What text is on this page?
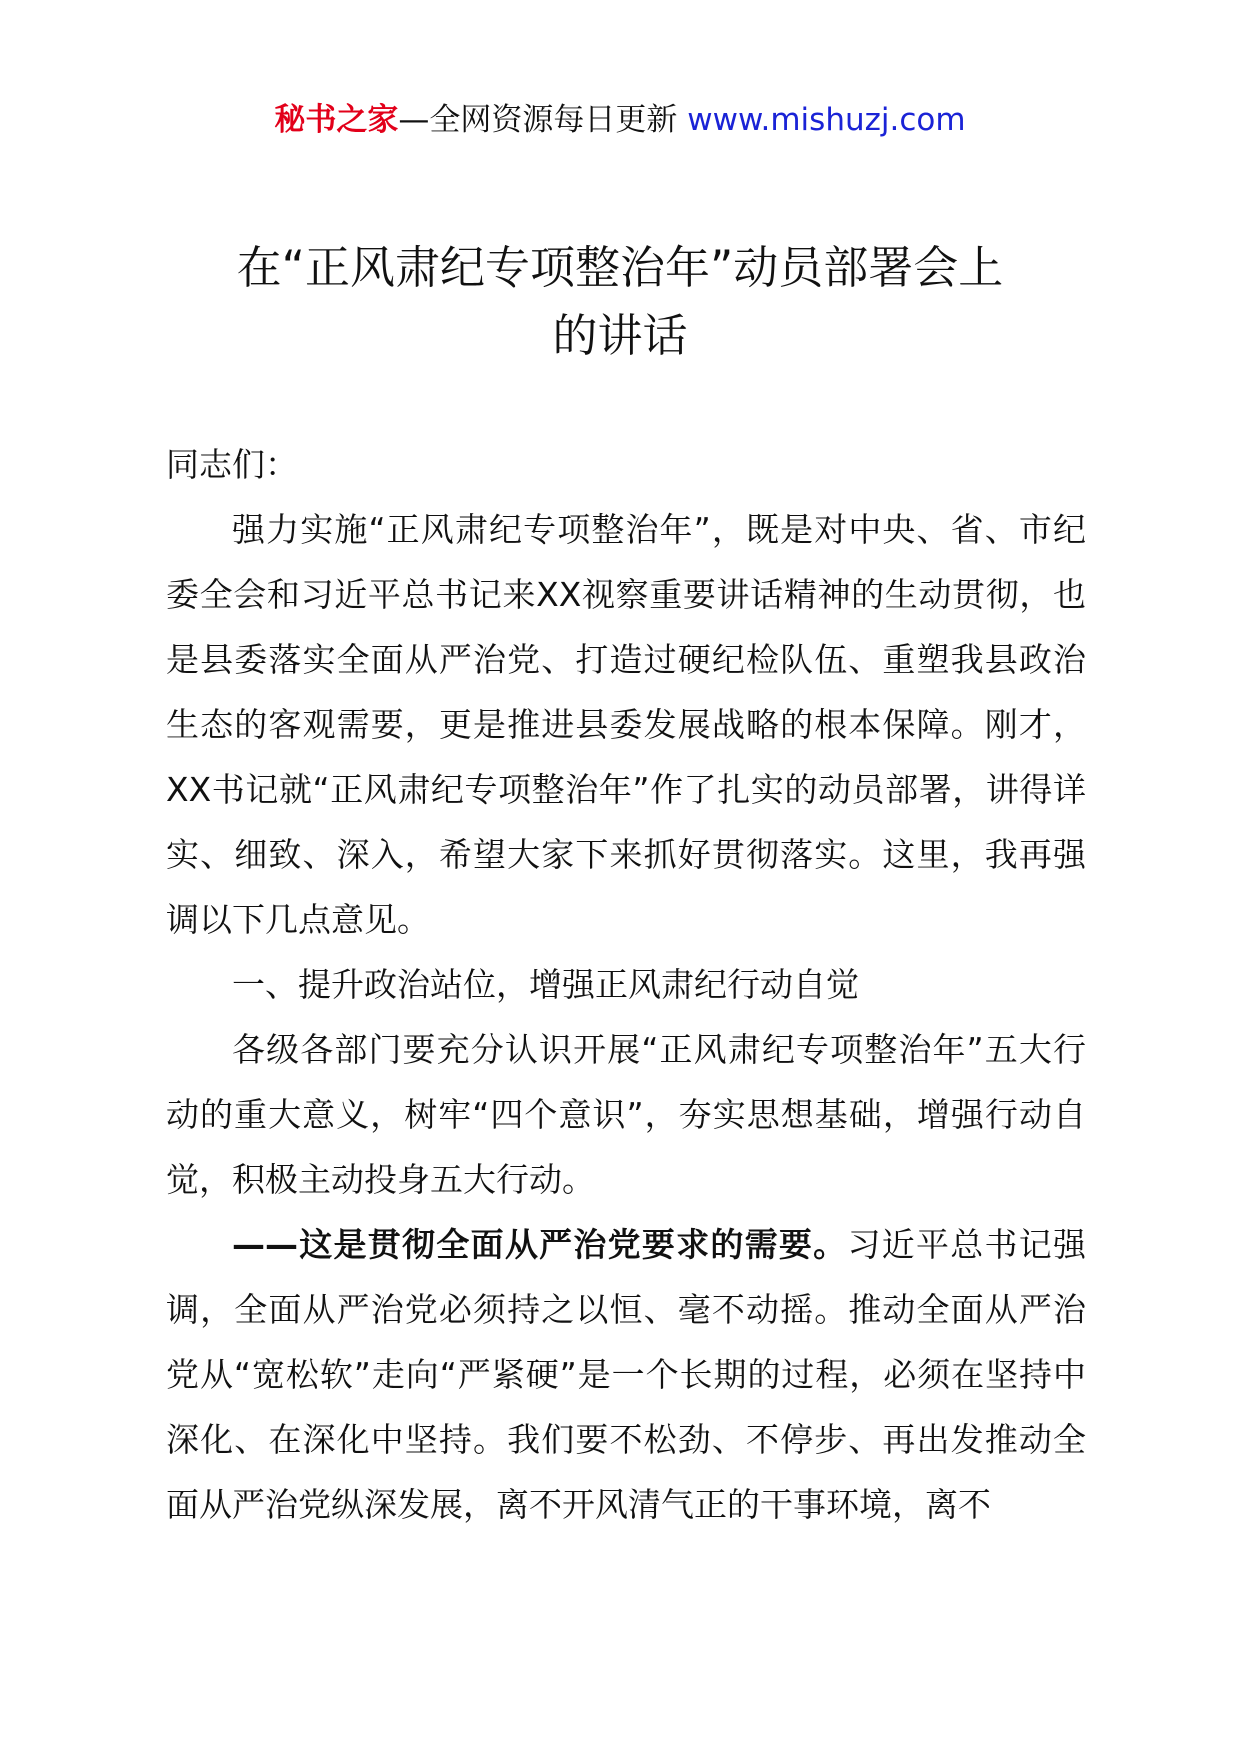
秘书之家—全网资源每日更新 www.mishuzj.com
在“正风肃纪专项整治年”动员部署会上
的讲话

同志们：

强力实施“正风肃纪专项整治年”，既是对中央、省、市纪委全会和习近平总书记来XX视察重要讲话精神的生动贯彻，也是县委落实全面从严治党、打造过硬纪检队伍、重塑我县政治生态的客观需要，更是推进县委发展战略的根本保障。刚才，XX书记就“正风肃纪专项整治年”作了扎实的动员部署，讲得详实、细致、深入，希望大家下来抓好贯彻落实。这里，我再强调以下几点意见。

一、提升政治站位，增强正风肃纪行动自觉

各级各部门要充分认识开展“正风肃纪专项整治年”五大行动的重大意义，树牢“四个意识”，夯实思想基础，增强行动自觉，积极主动投身五大行动。

——这是贯彻全面从严治党要求的需要。习近平总书记强调，全面从严治党必须持之以恒、毫不动摇。推动全面从严治党从“宽松软”走向“严紧硬”是一个长期的过程，必须在坚持中深化、在深化中坚持。我们要不松劲、不停步、再出发推动全面从严治党纵深发展，离不开风清气正的干事环境，离不
